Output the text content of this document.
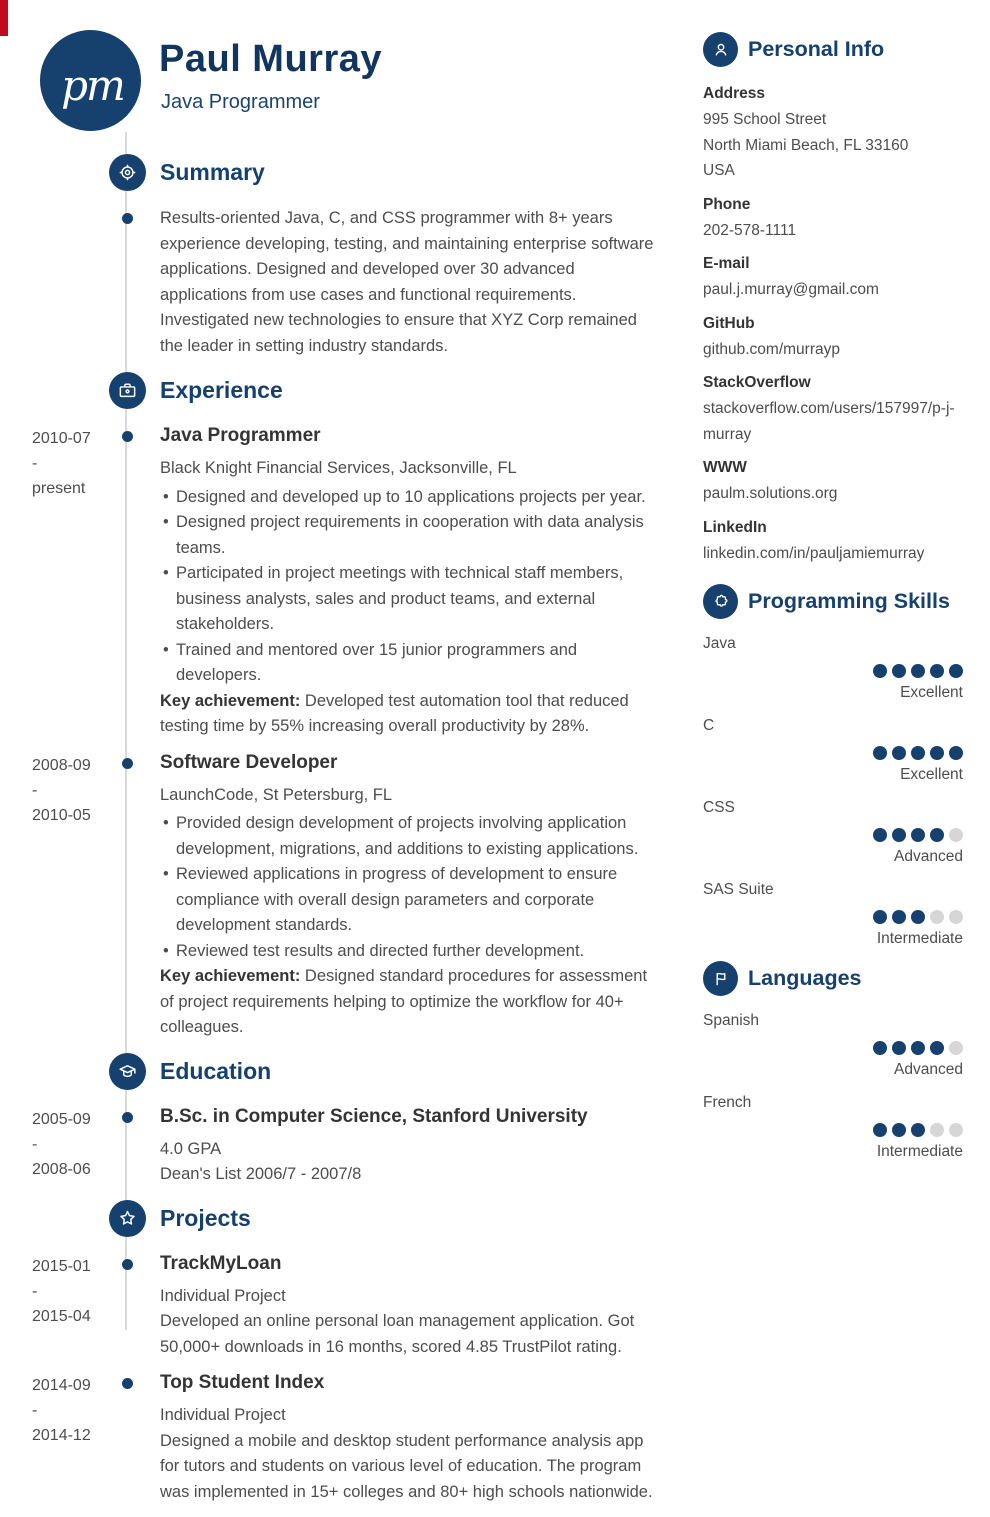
pm
Paul Murray
Java Programmer
Summary
Results-oriented Java, C, and CSS programmer with 8+ years experience developing, testing, and maintaining enterprise software applications. Designed and developed over 30 advanced applications from use cases and functional requirements. Investigated new technologies to ensure that XYZ Corp remained the leader in setting industry standards.
Experience
2010-07 -
present
Java Programmer
Black Knight Financial Services, Jacksonville, FL
• Designed and developed up to 10 applications projects per year.
• Designed project requirements in cooperation with data analysis teams.
• Participated in project meetings with technical staff members, business analysts, sales and product teams, and external stakeholders.
• Trained and mentored over 15 junior programmers and developers.
Key achievement: Developed test automation tool that reduced testing time by 55% increasing overall productivity by 28%.
2008-09 -
2010-05
Software Developer
LaunchCode, St Petersburg, FL
• Provided design development of projects involving application development, migrations, and additions to existing applications.
• Reviewed applications in progress of development to ensure compliance with overall design parameters and corporate development standards.
• Reviewed test results and directed further development.
Key achievement: Designed standard procedures for assessment of project requirements helping to optimize the workflow for 40+ colleagues.
Education
2005-09 -
2008-06
B.Sc. in Computer Science, Stanford University
4.0 GPA
Dean's List 2006/7 - 2007/8
Projects
2015-01 -
2015-04
TrackMyLoan
Individual Project
Developed an online personal loan management application. Got 50,000+ downloads in 16 months, scored 4.85 TrustPilot rating.
2014-09 -
2014-12
Top Student Index
Individual Project
Designed a mobile and desktop student performance analysis app for tutors and students on various level of education. The program was implemented in 15+ colleges and 80+ high schools nationwide.
Personal Info
Address
995 School Street
North Miami Beach, FL 33160
USA
Phone
202-578-1111
E-mail
paul.j.murray@gmail.com
GitHub
github.com/murrayp
StackOverflow
stackoverflow.com/users/157997/p-j-murray
WWW
paulm.solutions.org
LinkedIn
linkedin.com/in/pauljamiemurray
Programming Skills
Java
Excellent
C
Excellent
CSS
Advanced
SAS Suite
Intermediate
Languages
Spanish
Advanced
French
Intermediate
